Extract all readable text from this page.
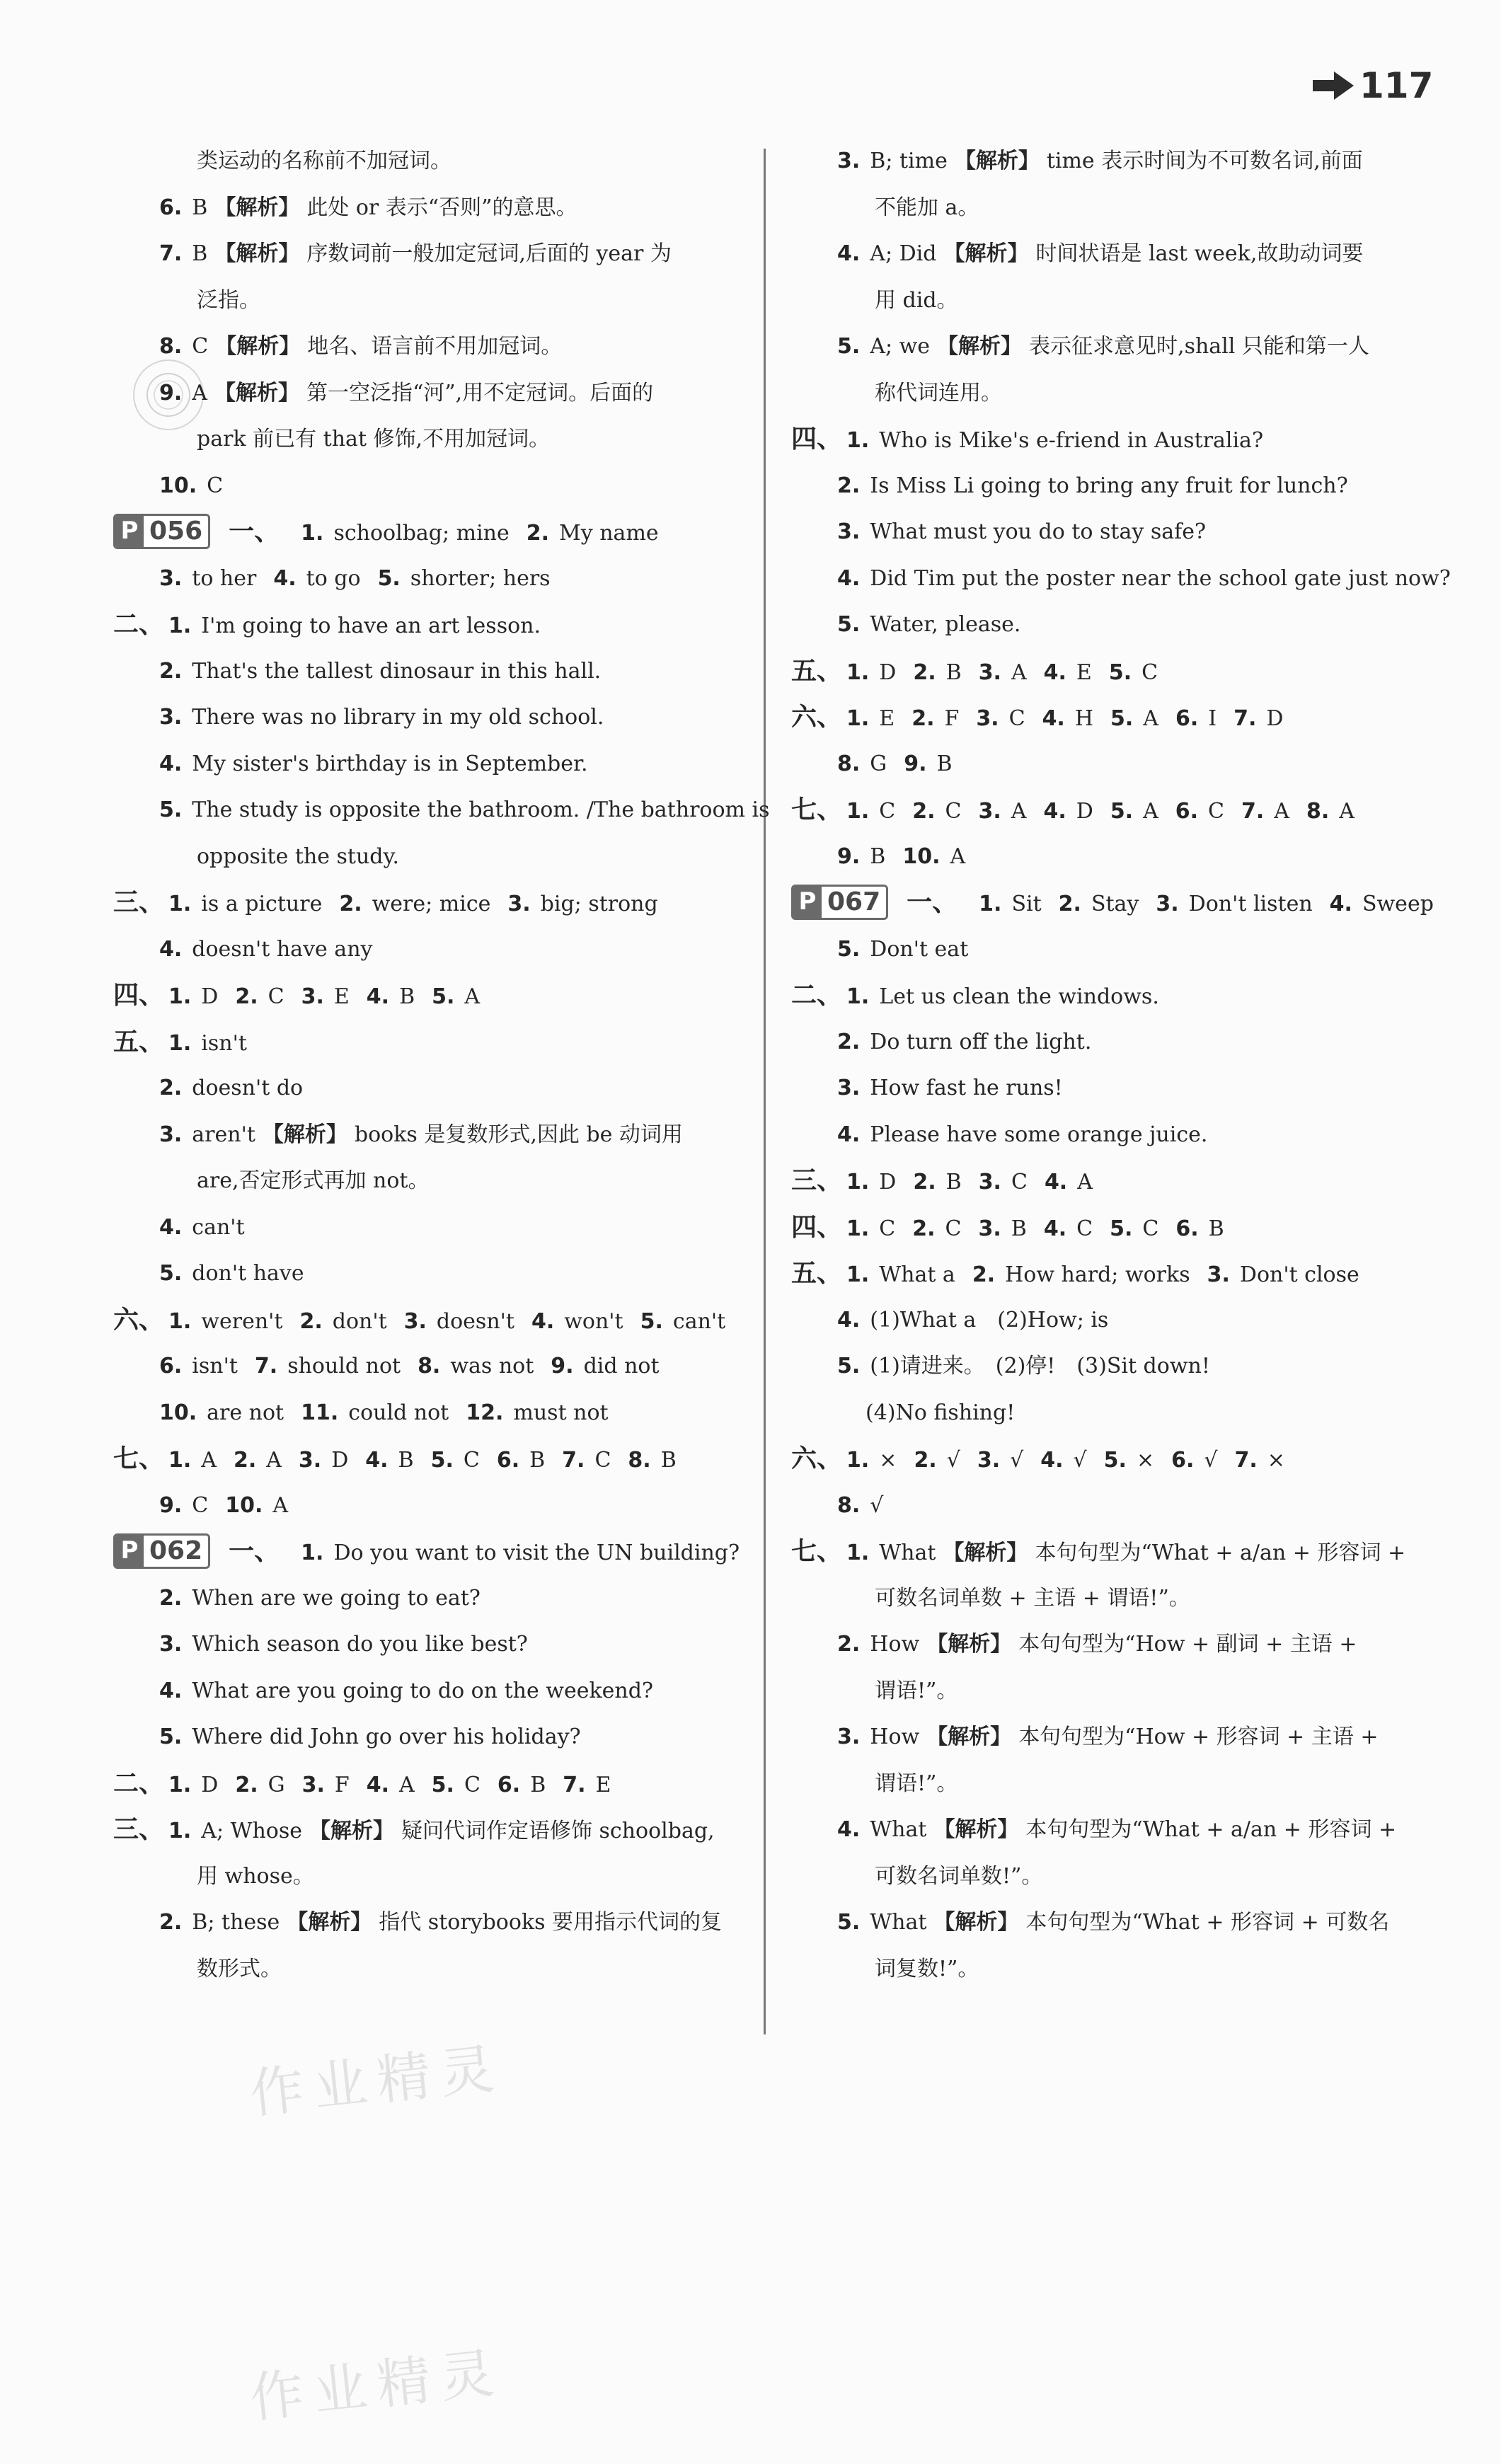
117
类运动的名称前不加冠词。
6. B 【解析】 此处 or 表示“否则”的意思。
7. B 【解析】 序数词前一般加定冠词,后面的 year 为
泛指。
8. C 【解析】 地名、语言前不用加冠词。
9. A 【解析】 第一空泛指“河”,用不定冠词。后面的
park 前已有 that 修饰,不用加冠词。
10. C
P 056 一、 1. schoolbag; mine 2. My name
3. to her 4. to go 5. shorter; hers
二、 1. I'm going to have an art lesson.
2. That's the tallest dinosaur in this hall.
3. There was no library in my old school.
4. My sister's birthday is in September.
5. The study is opposite the bathroom. /The bathroom is
opposite the study.
三、 1. is a picture 2. were; mice 3. big; strong
4. doesn't have any
四、 1. D 2. C 3. E 4. B 5. A
五、 1. isn't
2. doesn't do
3. aren't 【解析】 books 是复数形式,因此 be 动词用
are,否定形式再加 not。
4. can't
5. don't have
六、 1. weren't 2. don't 3. doesn't 4. won't 5. can't
6. isn't 7. should not 8. was not 9. did not
10. are not 11. could not 12. must not
七、 1. A 2. A 3. D 4. B 5. C 6. B 7. C 8. B
9. C 10. A
P 062 一、 1. Do you want to visit the UN building?
2. When are we going to eat?
3. Which season do you like best?
4. What are you going to do on the weekend?
5. Where did John go over his holiday?
二、 1. D 2. G 3. F 4. A 5. C 6. B 7. E
三、 1. A; Whose 【解析】 疑问代词作定语修饰 schoolbag,
用 whose。
2. B; these 【解析】 指代 storybooks 要用指示代词的复
数形式。
3. B; time 【解析】 time 表示时间为不可数名词,前面
不能加 a。
4. A; Did 【解析】 时间状语是 last week,故助动词要
用 did。
5. A; we 【解析】 表示征求意见时,shall 只能和第一人
称代词连用。
四、 1. Who is Mike's e-friend in Australia?
2. Is Miss Li going to bring any fruit for lunch?
3. What must you do to stay safe?
4. Did Tim put the poster near the school gate just now?
5. Water, please.
五、 1. D 2. B 3. A 4. E 5. C
六、 1. E 2. F 3. C 4. H 5. A 6. I 7. D
8. G 9. B
七、 1. C 2. C 3. A 4. D 5. A 6. C 7. A 8. A
9. B 10. A
P 067 一、 1. Sit 2. Stay 3. Don't listen 4. Sweep
5. Don't eat
二、 1. Let us clean the windows.
2. Do turn off the light.
3. How fast he runs!
4. Please have some orange juice.
三、 1. D 2. B 3. C 4. A
四、 1. C 2. C 3. B 4. C 5. C 6. B
五、 1. What a 2. How hard; works 3. Don't close
4. (1)What a　(2)How; is
5. (1)请进来。　(2)停!　(3)Sit down!
(4)No fishing!
六、 1. × 2. √ 3. √ 4. √ 5. × 6. √ 7. ×
8. √
七、 1. What 【解析】 本句句型为“What + a/an + 形容词 +
可数名词单数 + 主语 + 谓语!”。
2. How 【解析】 本句句型为“How + 副词 + 主语 +
谓语!”。
3. How 【解析】 本句句型为“How + 形容词 + 主语 +
谓语!”。
4. What 【解析】 本句句型为“What + a/an + 形容词 +
可数名词单数!”。
5. What 【解析】 本句句型为“What + 形容词 + 可数名
词复数!”。
作业精灵
作业精灵
